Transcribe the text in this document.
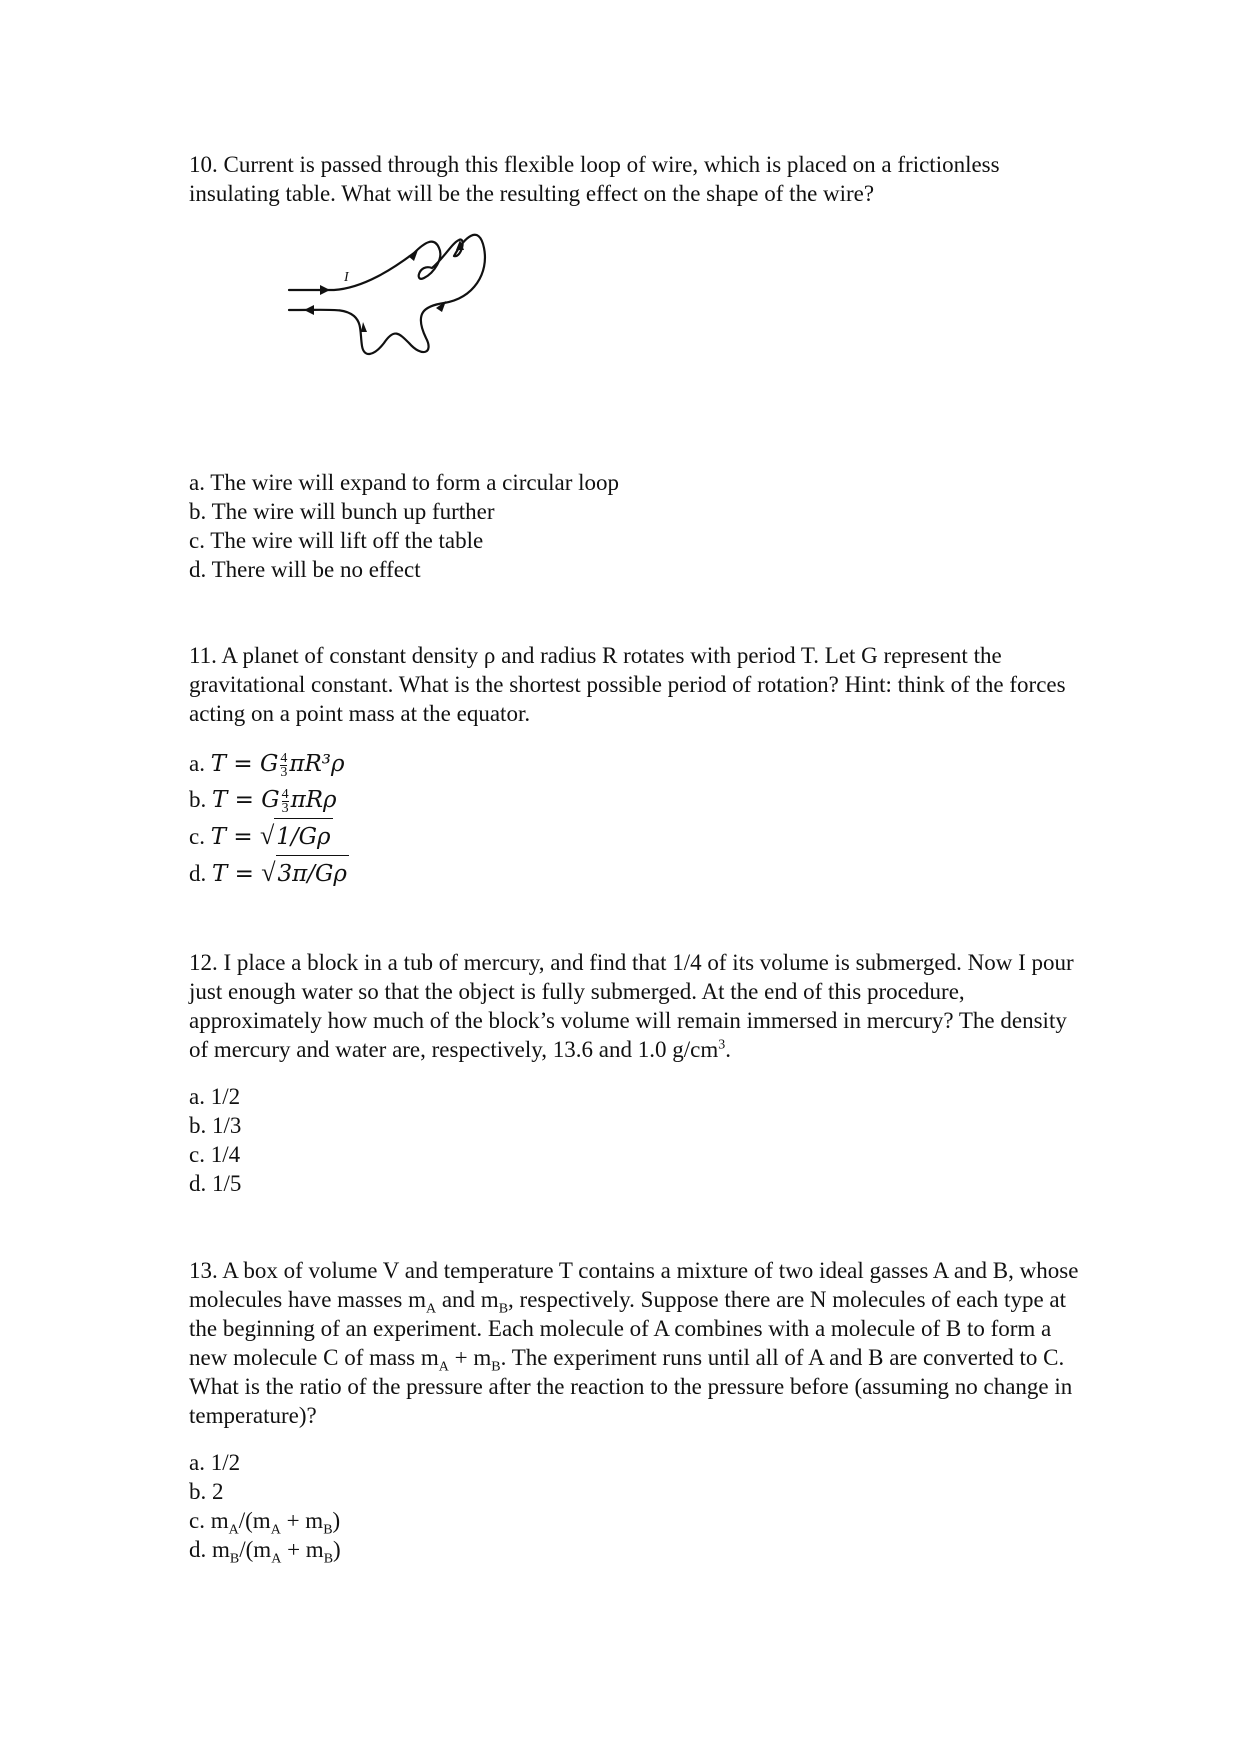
10. Current is passed through this flexible loop of wire, which is placed on a frictionless insulating table. What will be the resulting effect on the shape of the wire?

I
a. The wire will expand to form a circular loop
b. The wire will bunch up further
c. The wire will lift off the table
d. There will be no effect

11. A planet of constant density ρ and radius R rotates with period T. Let G represent the gravitational constant. What is the shortest possible period of rotation? Hint: think of the forces acting on a point mass at the equator.

a. T = G $\frac{4}{3} \pi R^3\rho$
b. T = G $\frac{4}{3}$ πRρ
c. T = √1/Gρ
d. T = √3π/Gρ

12. I place a block in a tub of mercury, and find that 1/4 of its volume is submerged. Now I pour just enough water so that the object is fully submerged. At the end of this procedure, approximately how much of the block’s volume will remain immersed in mercury? The density of mercury and water are, respectively, 13.6 and 1.0 $g/cm^3$.

a. 1/2
b. 1/3
c. 1/4
d. 1/5

13. A box of volume V and temperature T contains a mixture of two ideal gasses A and B, whose molecules have masses $m_A$ and $m_B$, respectively. Suppose there are N molecules of each type at the beginning of an experiment. Each molecule of A combines with a molecule of B to form a new molecule C of mass $m_A + m_B$. The experiment runs until all of A and B are converted to C. What is the ratio of the pressure after the reaction to the pressure before (assuming no change in temperature)?

a. 1/2
b. 2
c. $m_A/(m_A + m_B)$
d. $m_B/(m_A + m_B)$
